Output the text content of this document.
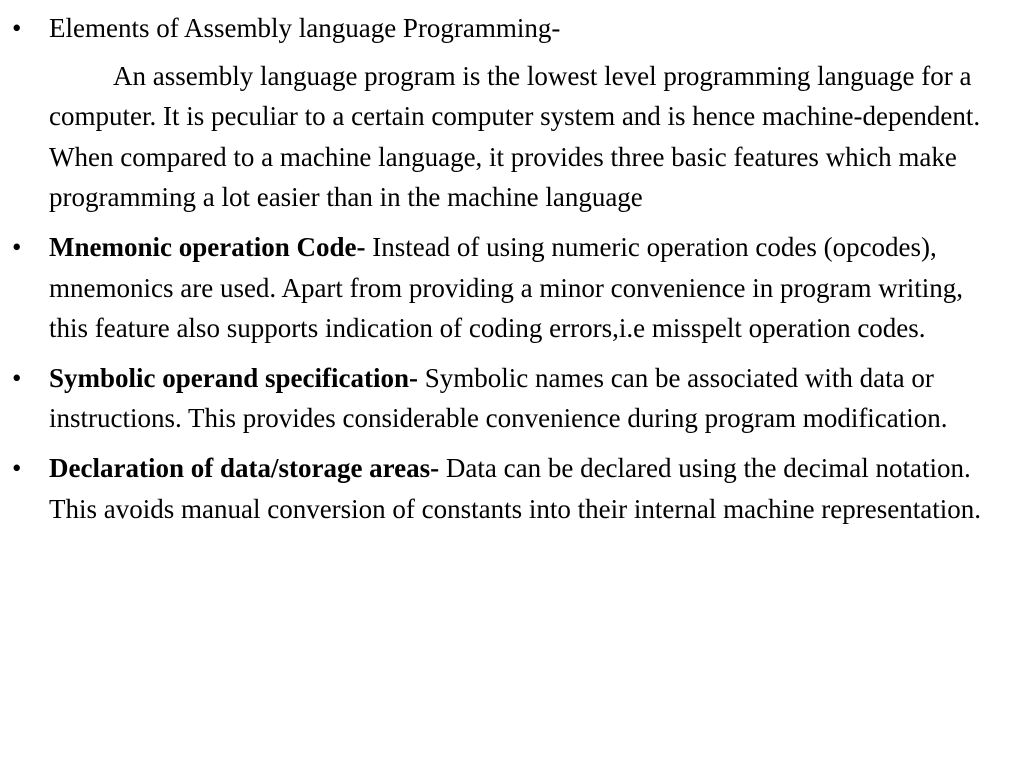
•	Elements of Assembly language Programming-
An assembly language program is the lowest level programming language for a computer. It is peculiar to a certain computer system and is hence machine-dependent. When compared to a machine language, it provides three basic features which make programming a lot easier than in the machine language
•	Mnemonic operation Code- Instead of using numeric operation codes (opcodes), mnemonics are used. Apart from providing a minor convenience in program writing, this feature also supports indication of coding errors,i.e misspelt operation codes.
•	Symbolic operand specification- Symbolic names can be associated with data or instructions. This provides considerable convenience during program modification.
•	Declaration of data/storage areas- Data can be declared using the decimal notation. This avoids manual conversion of constants into their internal machine representation.
